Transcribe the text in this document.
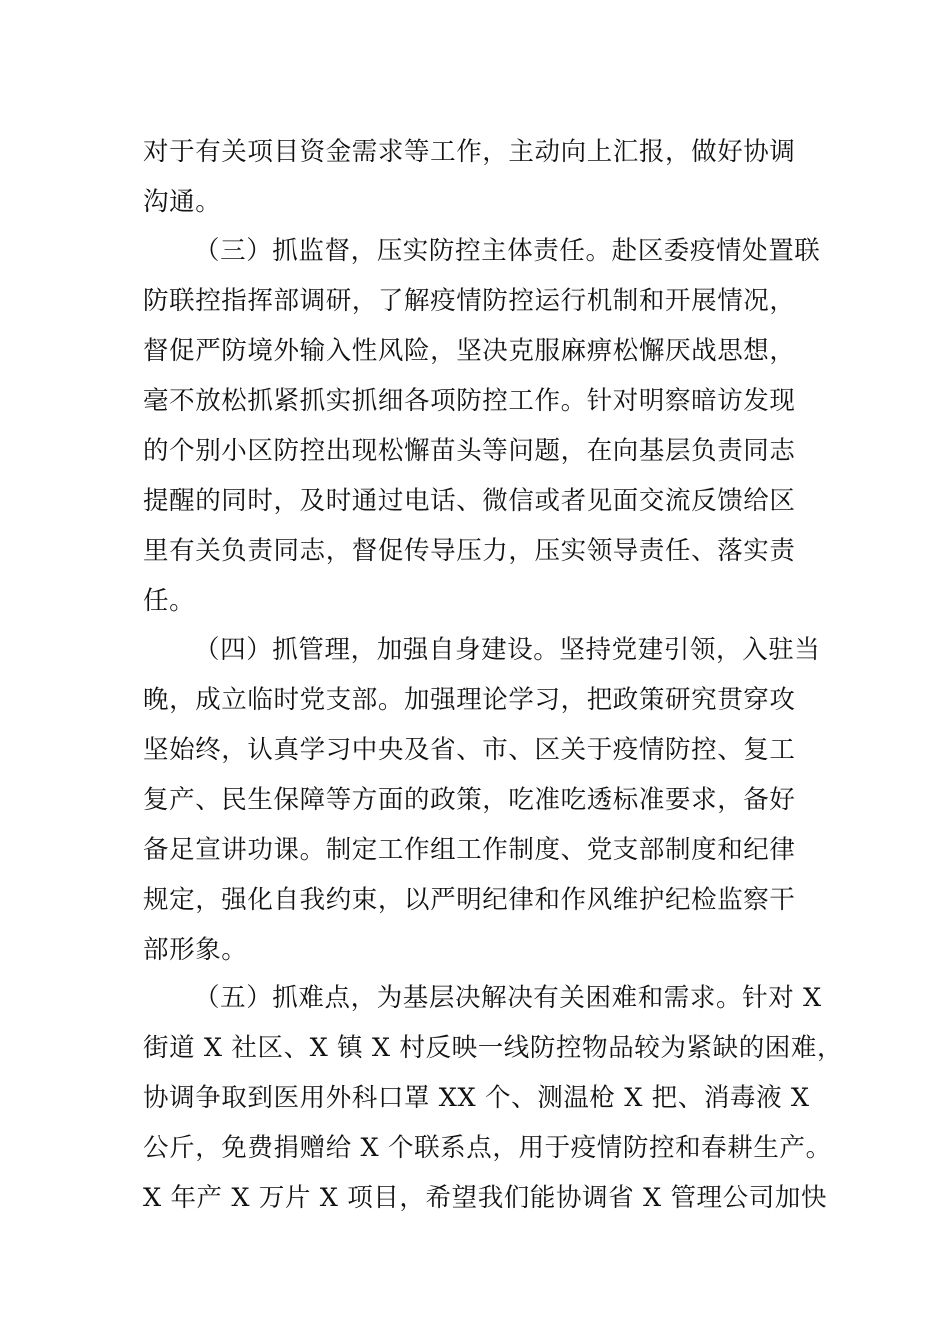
对于有关项目资金需求等工作，主动向上汇报，做好协调
沟通。
（三）抓监督，压实防控主体责任。赴区委疫情处置联
防联控指挥部调研，了解疫情防控运行机制和开展情况，
督促严防境外输入性风险，坚决克服麻痹松懈厌战思想，
毫不放松抓紧抓实抓细各项防控工作。针对明察暗访发现
的个别小区防控出现松懈苗头等问题，在向基层负责同志
提醒的同时，及时通过电话、微信或者见面交流反馈给区
里有关负责同志，督促传导压力，压实领导责任、落实责
任。
（四）抓管理，加强自身建设。坚持党建引领，入驻当
晚，成立临时党支部。加强理论学习，把政策研究贯穿攻
坚始终，认真学习中央及省、市、区关于疫情防控、复工
复产、民生保障等方面的政策，吃准吃透标准要求，备好
备足宣讲功课。制定工作组工作制度、党支部制度和纪律
规定，强化自我约束，以严明纪律和作风维护纪检监察干
部形象。
（五）抓难点，为基层决解决有关困难和需求。针对 X
街道 X 社区、X 镇 X 村反映一线防控物品较为紧缺的困难，
协调争取到医用外科口罩 XX 个、测温枪 X 把、消毒液 X
公斤，免费捐赠给 X 个联系点，用于疫情防控和春耕生产。
X 年产 X 万片 X 项目，希望我们能协调省 X 管理公司加快
